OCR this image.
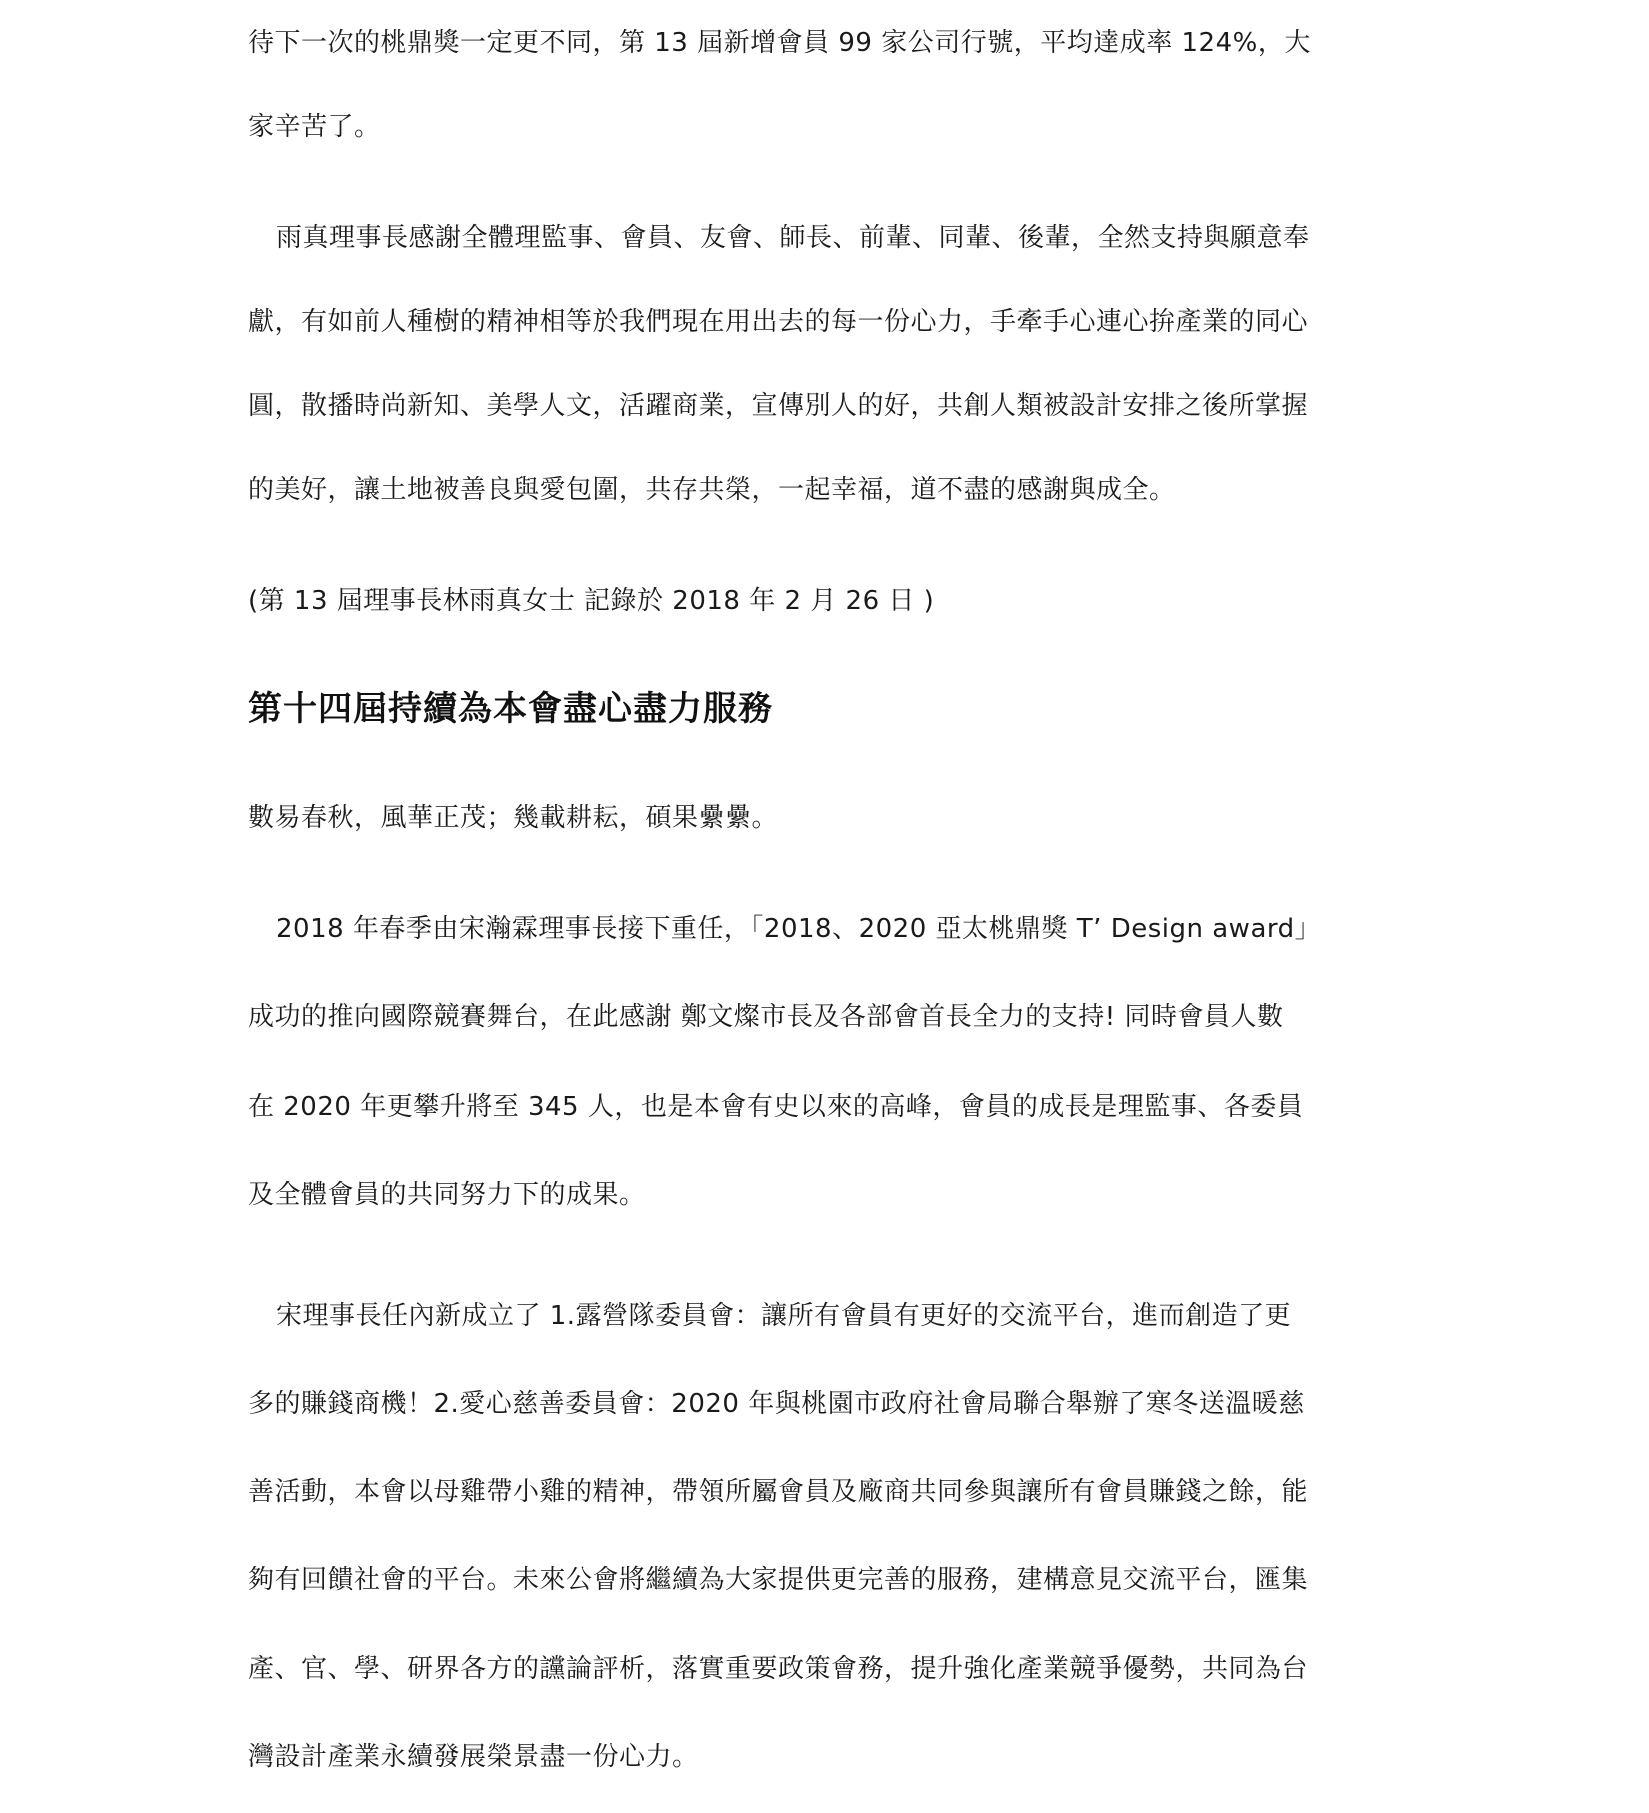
待下一次的桃鼎獎一定更不同，第 13 屆新增會員 99 家公司行號，平均達成率 124%，大

家辛苦了。

雨真理事長感謝全體理監事、會員、友會、師長、前輩、同輩、後輩，全然支持與願意奉

獻，有如前人種樹的精神相等於我們現在用出去的每一份心力，手牽手心連心拚產業的同心

圓，散播時尚新知、美學人文，活躍商業，宣傳別人的好，共創人類被設計安排之後所掌握

的美好，讓土地被善良與愛包圍，共存共榮，一起幸福，道不盡的感謝與成全。

(第 13 屆理事長林雨真女士 記錄於 2018 年 2 月 26 日 )

第十四屆持續為本會盡心盡力服務

數易春秋，風華正茂；幾載耕耘，碩果纍纍。

2018 年春季由宋瀚霖理事長接下重任，「2018、2020 亞太桃鼎獎 T’ Design award」

成功的推向國際競賽舞台，在此感謝 鄭文燦市長及各部會首長全力的支持! 同時會員人數

在 2020 年更攀升將至 345 人，也是本會有史以來的高峰，會員的成長是理監事、各委員

及全體會員的共同努力下的成果。

宋理事長任內新成立了 1.露營隊委員會：讓所有會員有更好的交流平台，進而創造了更

多的賺錢商機！2.愛心慈善委員會：2020 年與桃園市政府社會局聯合舉辦了寒冬送溫暖慈

善活動，本會以母雞帶小雞的精神，帶領所屬會員及廠商共同參與讓所有會員賺錢之餘，能

夠有回饋社會的平台。未來公會將繼續為大家提供更完善的服務，建構意見交流平台，匯集

產、官、學、研界各方的讜論評析，落實重要政策會務，提升強化產業競爭優勢，共同為台

灣設計產業永續發展榮景盡一份心力。
